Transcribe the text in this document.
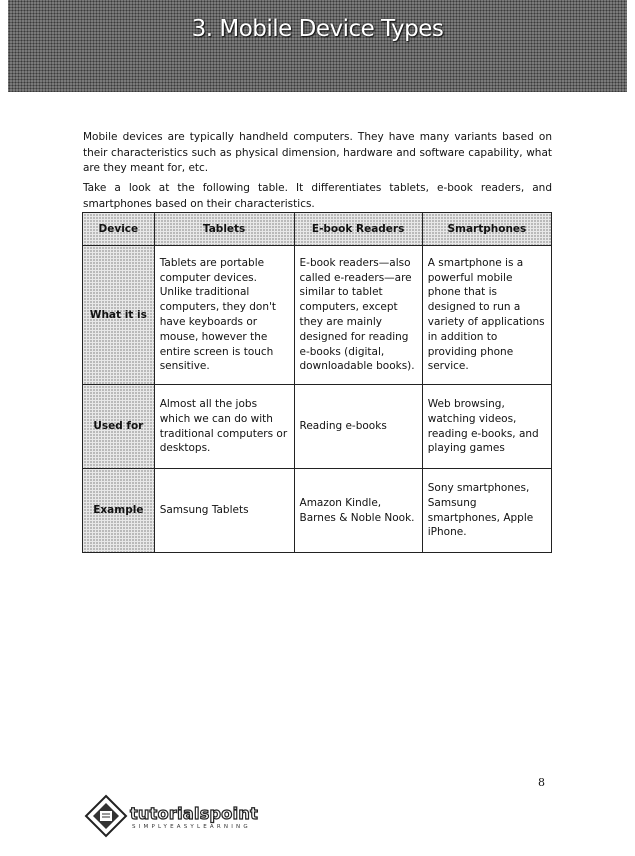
3. Mobile Device Types

Mobile devices are typically handheld computers. They have many variants based on their characteristics such as physical dimension, hardware and software capability, what are they meant for, etc.

Take a look at the following table. It differentiates tablets, e-book readers, and smartphones based on their characteristics.

Device	Tablets	E-book Readers	Smartphones
What it is	Tablets are portable computer devices. Unlike traditional computers, they don't have keyboards or mouse, however the entire screen is touch sensitive.	E-book readers—also called e-readers—are similar to tablet computers, except they are mainly designed for reading e-books (digital, downloadable books).	A smartphone is a powerful mobile phone that is designed to run a variety of applications in addition to providing phone service.
Used for	Almost all the jobs which we can do with traditional computers or desktops.	Reading e-books	Web browsing, watching videos, reading e-books, and playing games
Example	Samsung Tablets	Amazon Kindle, Barnes & Noble Nook.	Sony smartphones, Samsung smartphones, Apple iPhone.
8
tutorialspoint
SIMPLYEASYLEARNING
